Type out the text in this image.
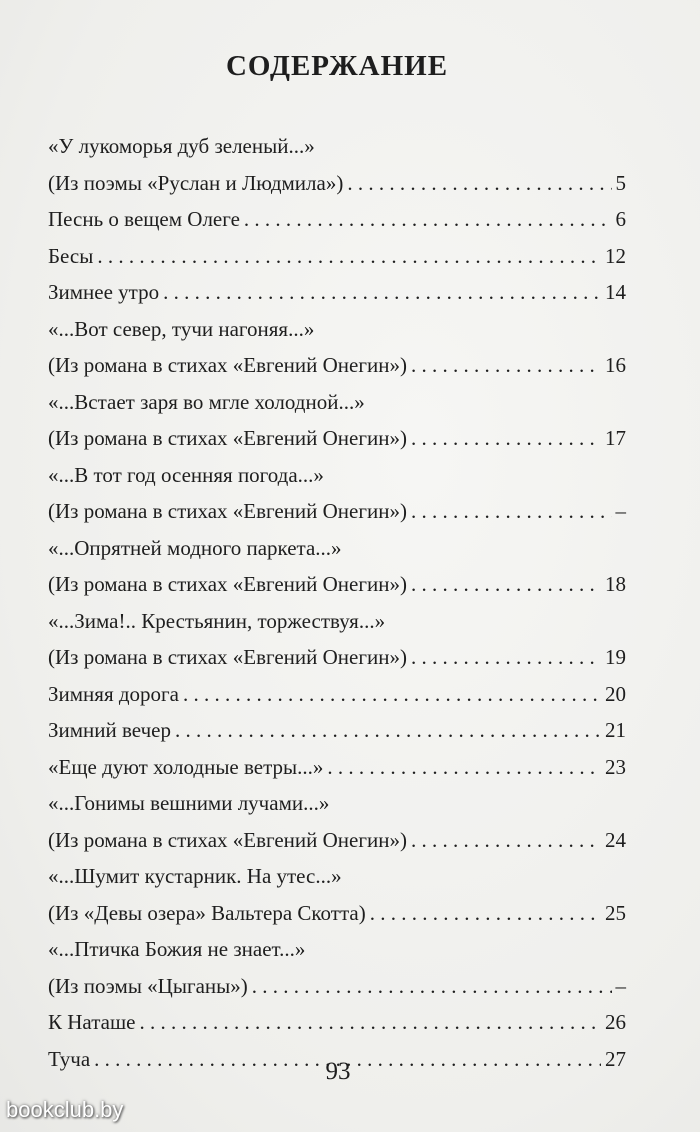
СОДЕРЖАНИЕ
«У лукоморья дуб зеленый...»
(Из поэмы «Руслан и Людмила») . . .	5
Песнь о вещем Олеге . . .	6
Бесы . . .	12
Зимнее утро . . .	14
«...Вот север, тучи нагоняя...»
(Из романа в стихах «Евгений Онегин») . . .	16
«...Встает заря во мгле холодной...»
(Из романа в стихах «Евгений Онегин») . . .	17
«...В тот год осенняя погода...»
(Из романа в стихах «Евгений Онегин») . . .	–
«...Опрятней модного паркета...»
(Из романа в стихах «Евгений Онегин») . . .	18
«...Зима!.. Крестьянин, торжествуя...»
(Из романа в стихах «Евгений Онегин») . . .	19
Зимняя дорога . . .	20
Зимний вечер . . .	21
«Еще дуют холодные ветры...» . . .	23
«...Гонимы вешними лучами...»
(Из романа в стихах «Евгений Онегин») . . .	24
«...Шумит кустарник. На утес...»
(Из «Девы озера» Вальтера Скотта) . . .	25
«...Птичка Божия не знает...»
(Из поэмы «Цыганы») . . .	–
К Наташе . . .	26
Туча . . .	27
93
bookclub.by
